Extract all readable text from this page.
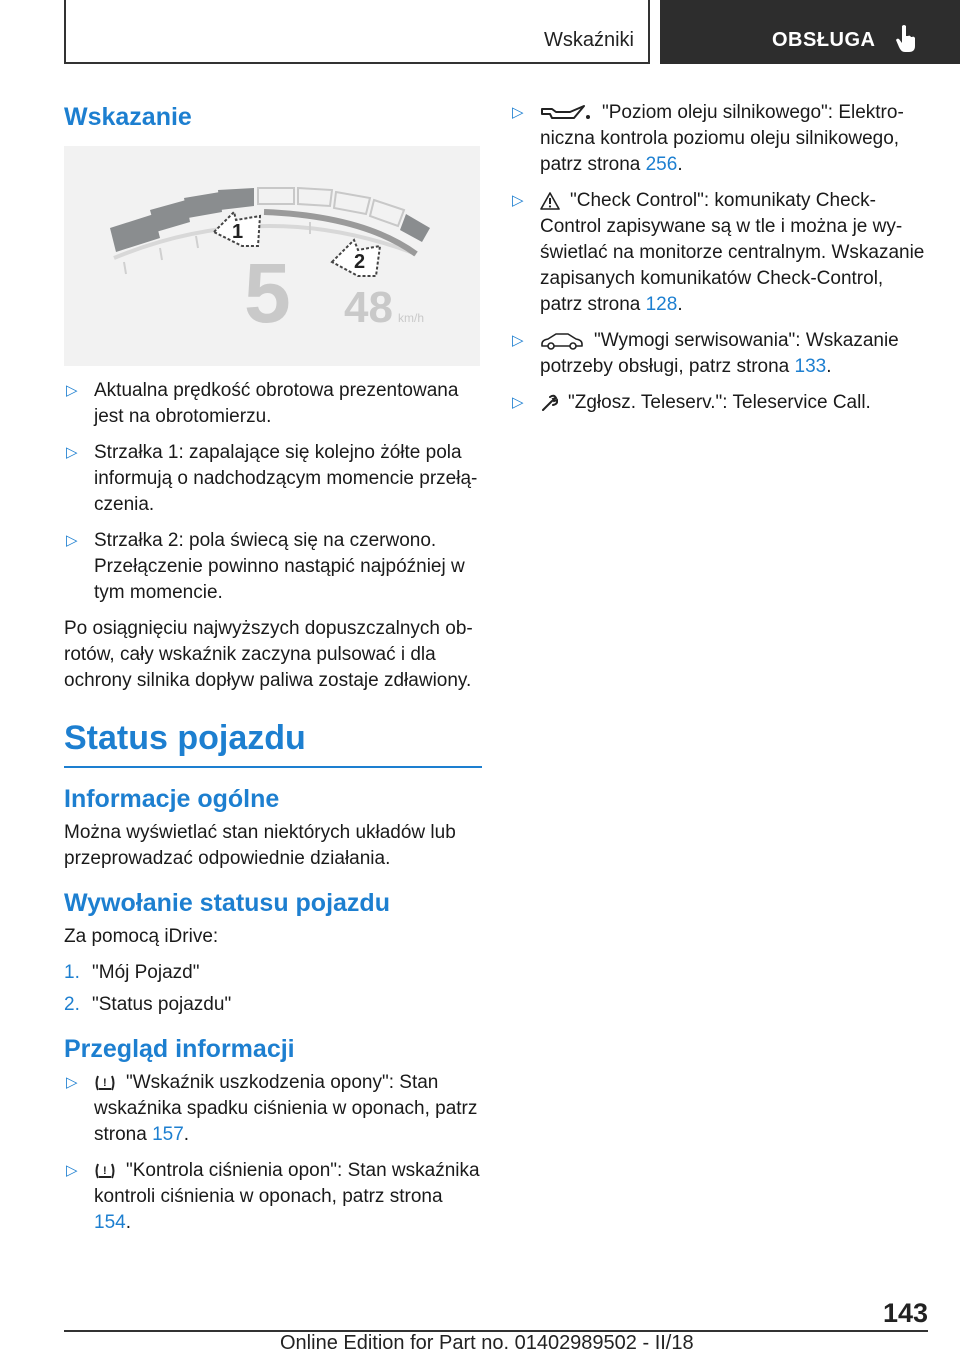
Wskaźniki	OBSŁUGA
Wskazanie
1
2
5 48 km/h
▷ Aktualna prędkość obrotowa prezentowana jest na obrotomierzu.
▷ Strzałka 1: zapalające się kolejno żółte pola informują o nadchodzącym momencie przełą‐czenia.
▷ Strzałka 2: pola świecą się na czerwono. Przełączenie powinno nastąpić najpóźniej w tym momencie.
Po osiągnięciu najwyższych dopuszczalnych ob‐rotów, cały wskaźnik zaczyna pulsować i dla ochrony silnika dopływ paliwa zostaje zdławiony.
Status pojazdu
Informacje ogólne
Można wyświetlać stan niektórych układów lub przeprowadzać odpowiednie działania.
Wywołanie statusu pojazdu
Za pomocą iDrive:
1. "Mój Pojazd"
2. "Status pojazdu"
Przegląd informacji
▷ ! "Wskaźnik uszkodzenia opony": Stan wskaźnika spadku ciśnienia w oponach, patrz strona 157.
▷ ! "Kontrola ciśnienia opon": Stan wskaźnika kontroli ciśnienia w oponach, patrz strona 154.
▷	"Poziom oleju silnikowego": Elektro‐niczna kontrola poziomu oleju silnikowego, patrz strona 256.
▷ "Check Control": komunikaty Check-Control zapisywane są w tle i można je wy‐świetlać na monitorze centralnym. Wskazanie zapisanych komunikatów Check-Control, patrz strona 128.
▷	"Wymogi serwisowania": Wskazanie potrzeby obsługi, patrz strona 133.
▷ "Zgłosz. Teleserv.": Teleservice Call.
143
Online Edition for Part no. 01402989502 - II/18
